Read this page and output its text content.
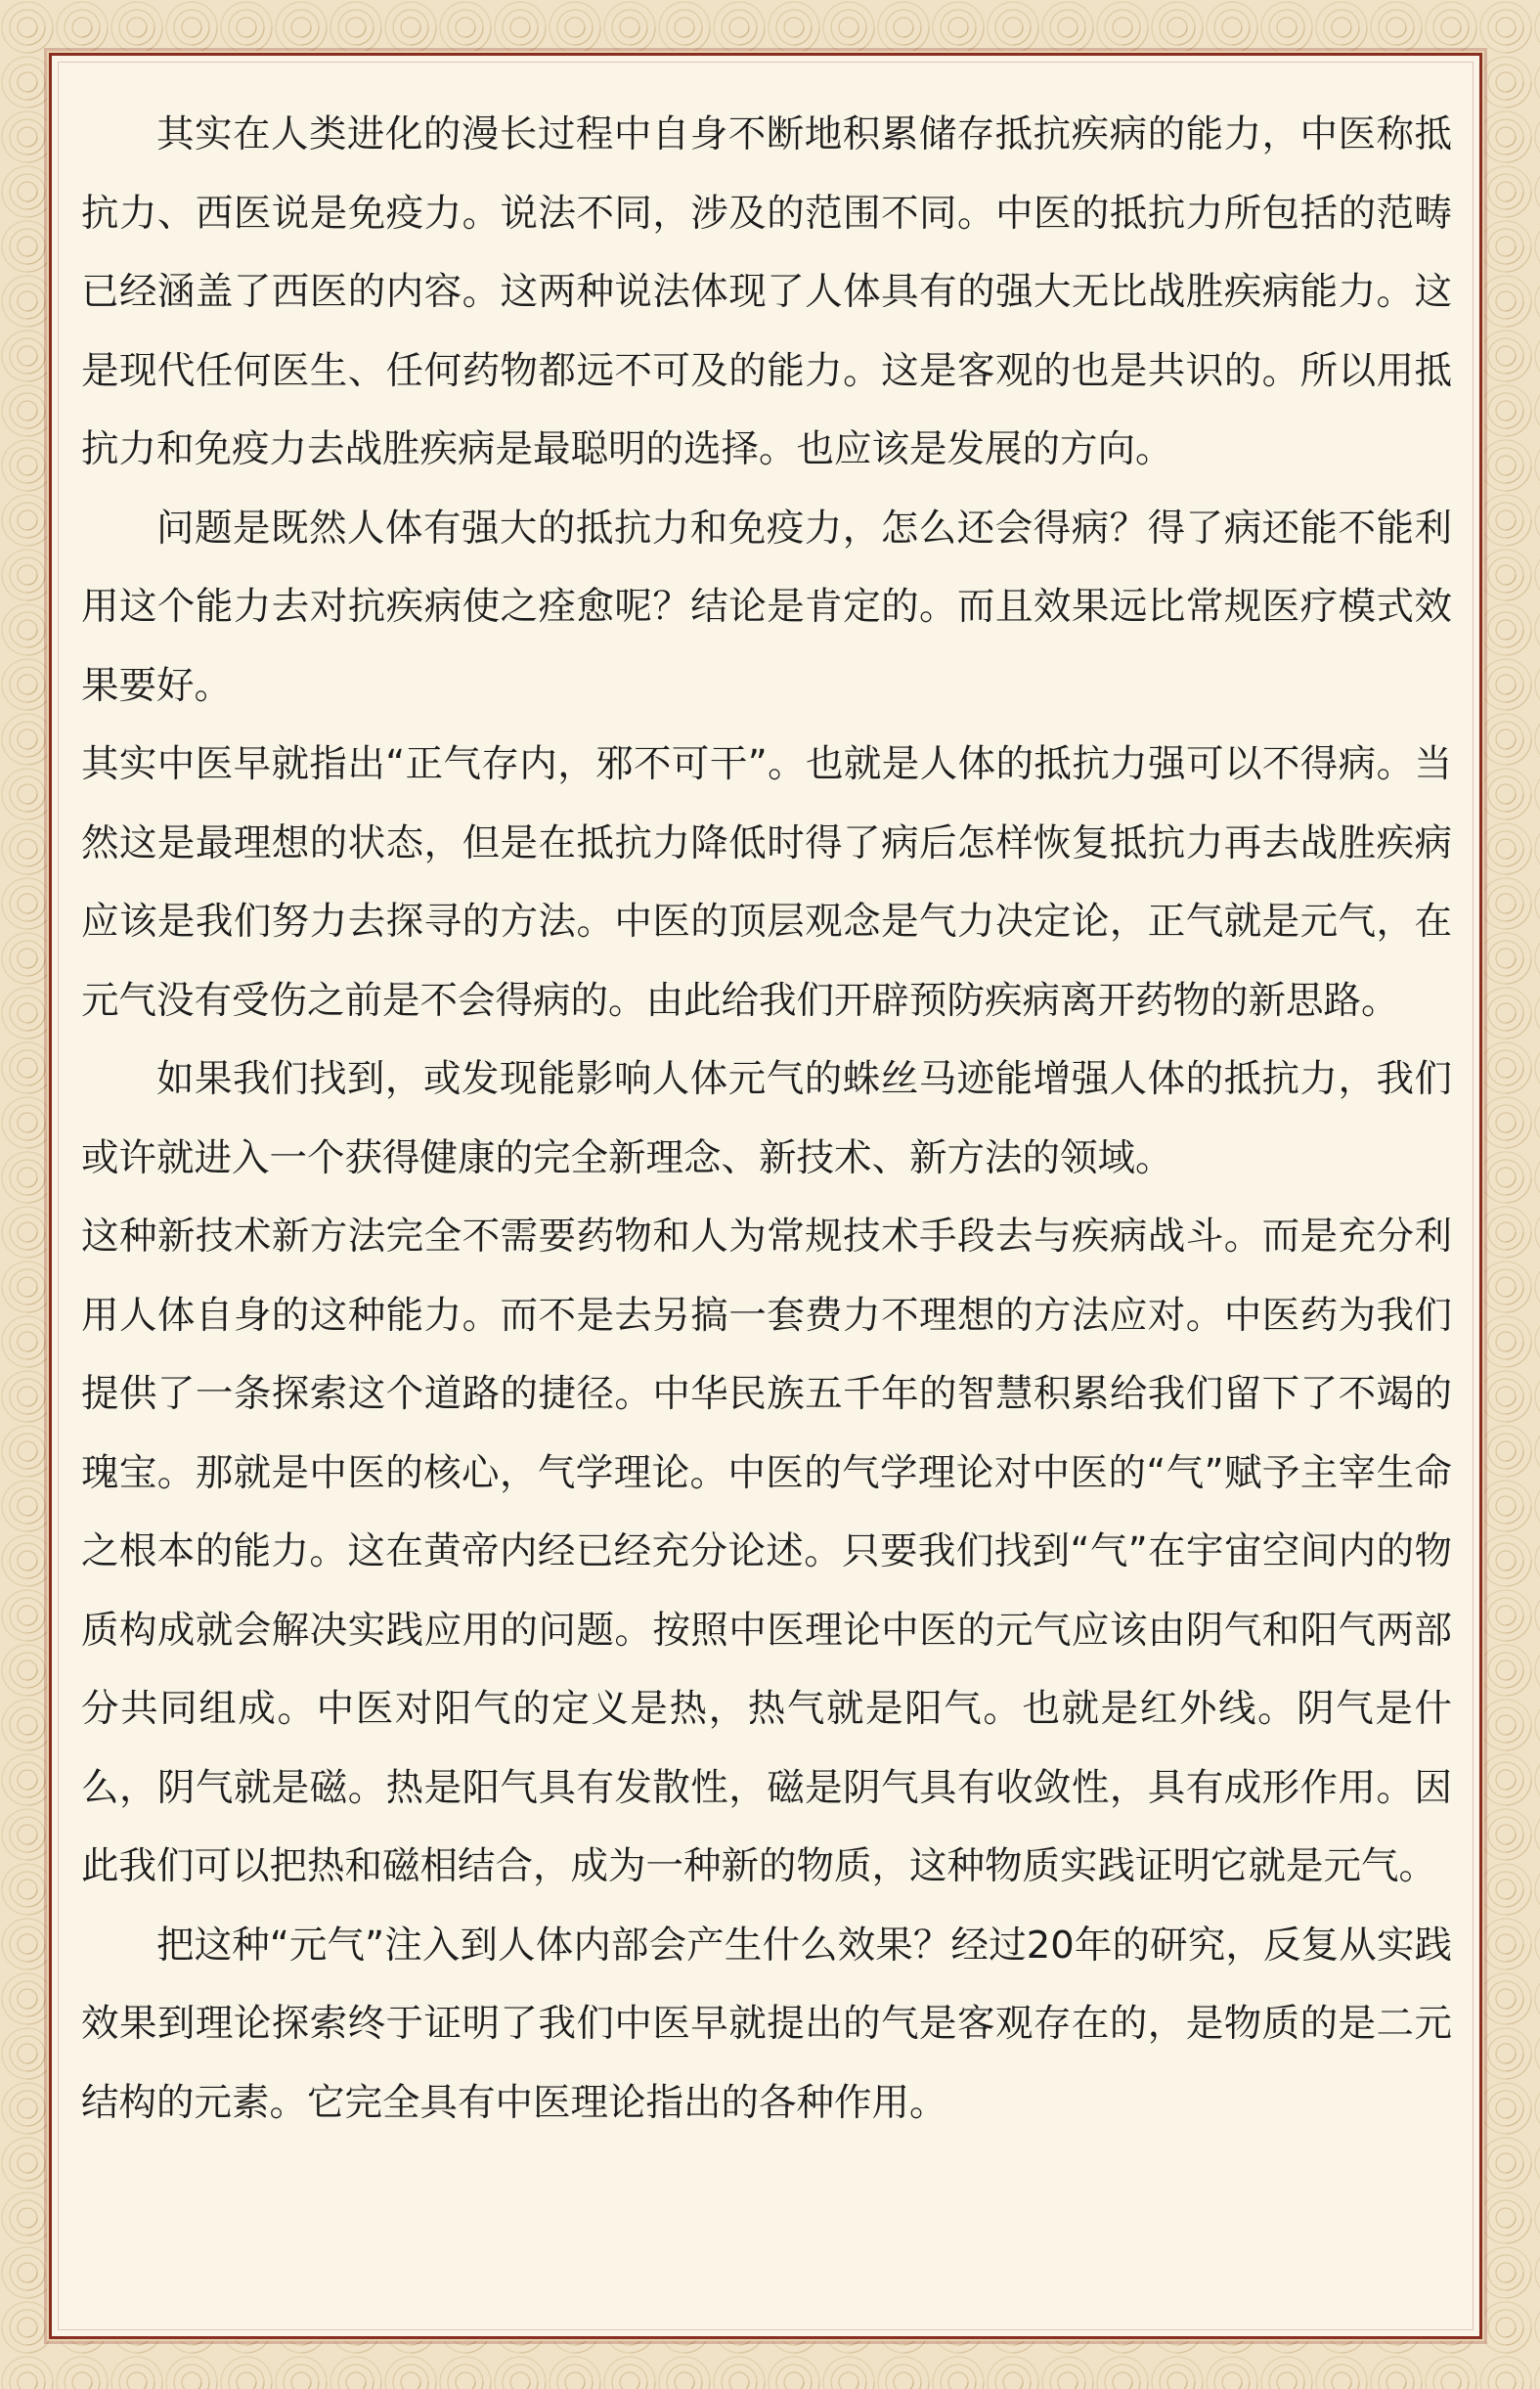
其实在人类进化的漫长过程中自身不断地积累储存抵抗疾病的能力，中医称抵抗力、西医说是免疫力。说法不同，涉及的范围不同。中医的抵抗力所包括的范畴已经涵盖了西医的内容。这两种说法体现了人体具有的强大无比战胜疾病能力。这是现代任何医生、任何药物都远不可及的能力。这是客观的也是共识的。所以用抵抗力和免疫力去战胜疾病是最聪明的选择。也应该是发展的方向。

问题是既然人体有强大的抵抗力和免疫力，怎么还会得病？得了病还能不能利用这个能力去对抗疾病使之痊愈呢？结论是肯定的。而且效果远比常规医疗模式效果要好。

其实中医早就指出“正气存内，邪不可干”。也就是人体的抵抗力强可以不得病。当然这是最理想的状态，但是在抵抗力降低时得了病后怎样恢复抵抗力再去战胜疾病应该是我们努力去探寻的方法。中医的顶层观念是气力决定论，正气就是元气，在元气没有受伤之前是不会得病的。由此给我们开辟预防疾病离开药物的新思路。

如果我们找到，或发现能影响人体元气的蛛丝马迹能增强人体的抵抗力，我们或许就进入一个获得健康的完全新理念、新技术、新方法的领域。

这种新技术新方法完全不需要药物和人为常规技术手段去与疾病战斗。而是充分利用人体自身的这种能力。而不是去另搞一套费力不理想的方法应对。中医药为我们提供了一条探索这个道路的捷径。中华民族五千年的智慧积累给我们留下了不竭的瑰宝。那就是中医的核心，气学理论。中医的气学理论对中医的“气”赋予主宰生命之根本的能力。这在黄帝内经已经充分论述。只要我们找到“气”在宇宙空间内的物质构成就会解决实践应用的问题。按照中医理论中医的元气应该由阴气和阳气两部分共同组成。中医对阳气的定义是热，热气就是阳气。也就是红外线。阴气是什么，阴气就是磁。热是阳气具有发散性，磁是阴气具有收敛性，具有成形作用。因此我们可以把热和磁相结合，成为一种新的物质，这种物质实践证明它就是元气。

把这种“元气”注入到人体内部会产生什么效果？经过20年的研究，反复从实践效果到理论探索终于证明了我们中医早就提出的气是客观存在的，是物质的是二元结构的元素。它完全具有中医理论指出的各种作用。
